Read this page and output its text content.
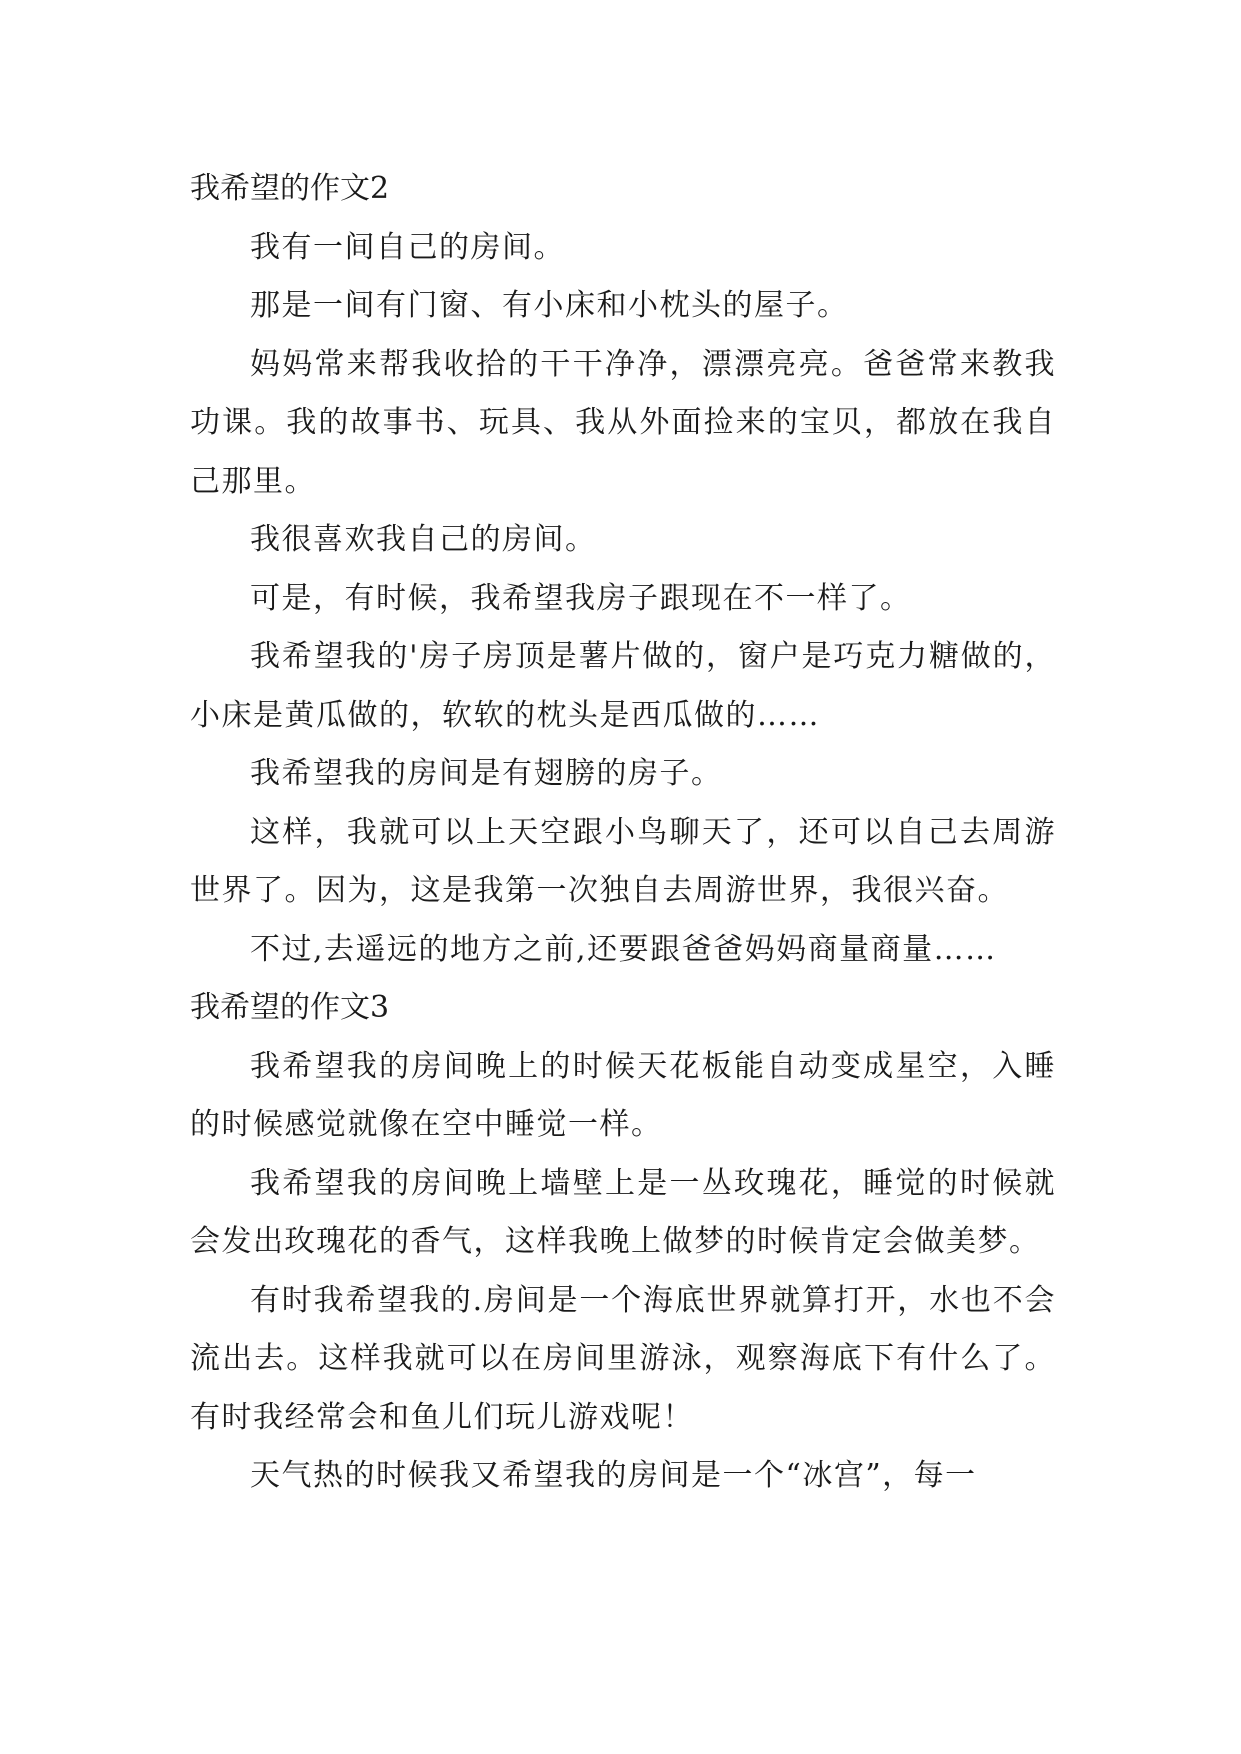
我希望的作文2

我有一间自己的房间。

那是一间有门窗、有小床和小枕头的屋子。

妈妈常来帮我收拾的干干净净，漂漂亮亮。爸爸常来教我功课。我的故事书、玩具、我从外面捡来的宝贝，都放在我自己那里。

我很喜欢我自己的房间。

可是，有时候，我希望我房子跟现在不一样了。

我希望我的'房子房顶是薯片做的，窗户是巧克力糖做的，小床是黄瓜做的，软软的枕头是西瓜做的……

我希望我的房间是有翅膀的房子。

这样，我就可以上天空跟小鸟聊天了，还可以自己去周游世界了。因为，这是我第一次独自去周游世界，我很兴奋。

不过,去遥远的地方之前,还要跟爸爸妈妈商量商量……

我希望的作文3

我希望我的房间晚上的时候天花板能自动变成星空，入睡的时候感觉就像在空中睡觉一样。

我希望我的房间晚上墙壁上是一丛玫瑰花，睡觉的时候就会发出玫瑰花的香气，这样我晚上做梦的时候肯定会做美梦。

有时我希望我的.房间是一个海底世界就算打开，水也不会流出去。这样我就可以在房间里游泳，观察海底下有什么了。有时我经常会和鱼儿们玩儿游戏呢！

天气热的时候我又希望我的房间是一个“冰宫”，每一
